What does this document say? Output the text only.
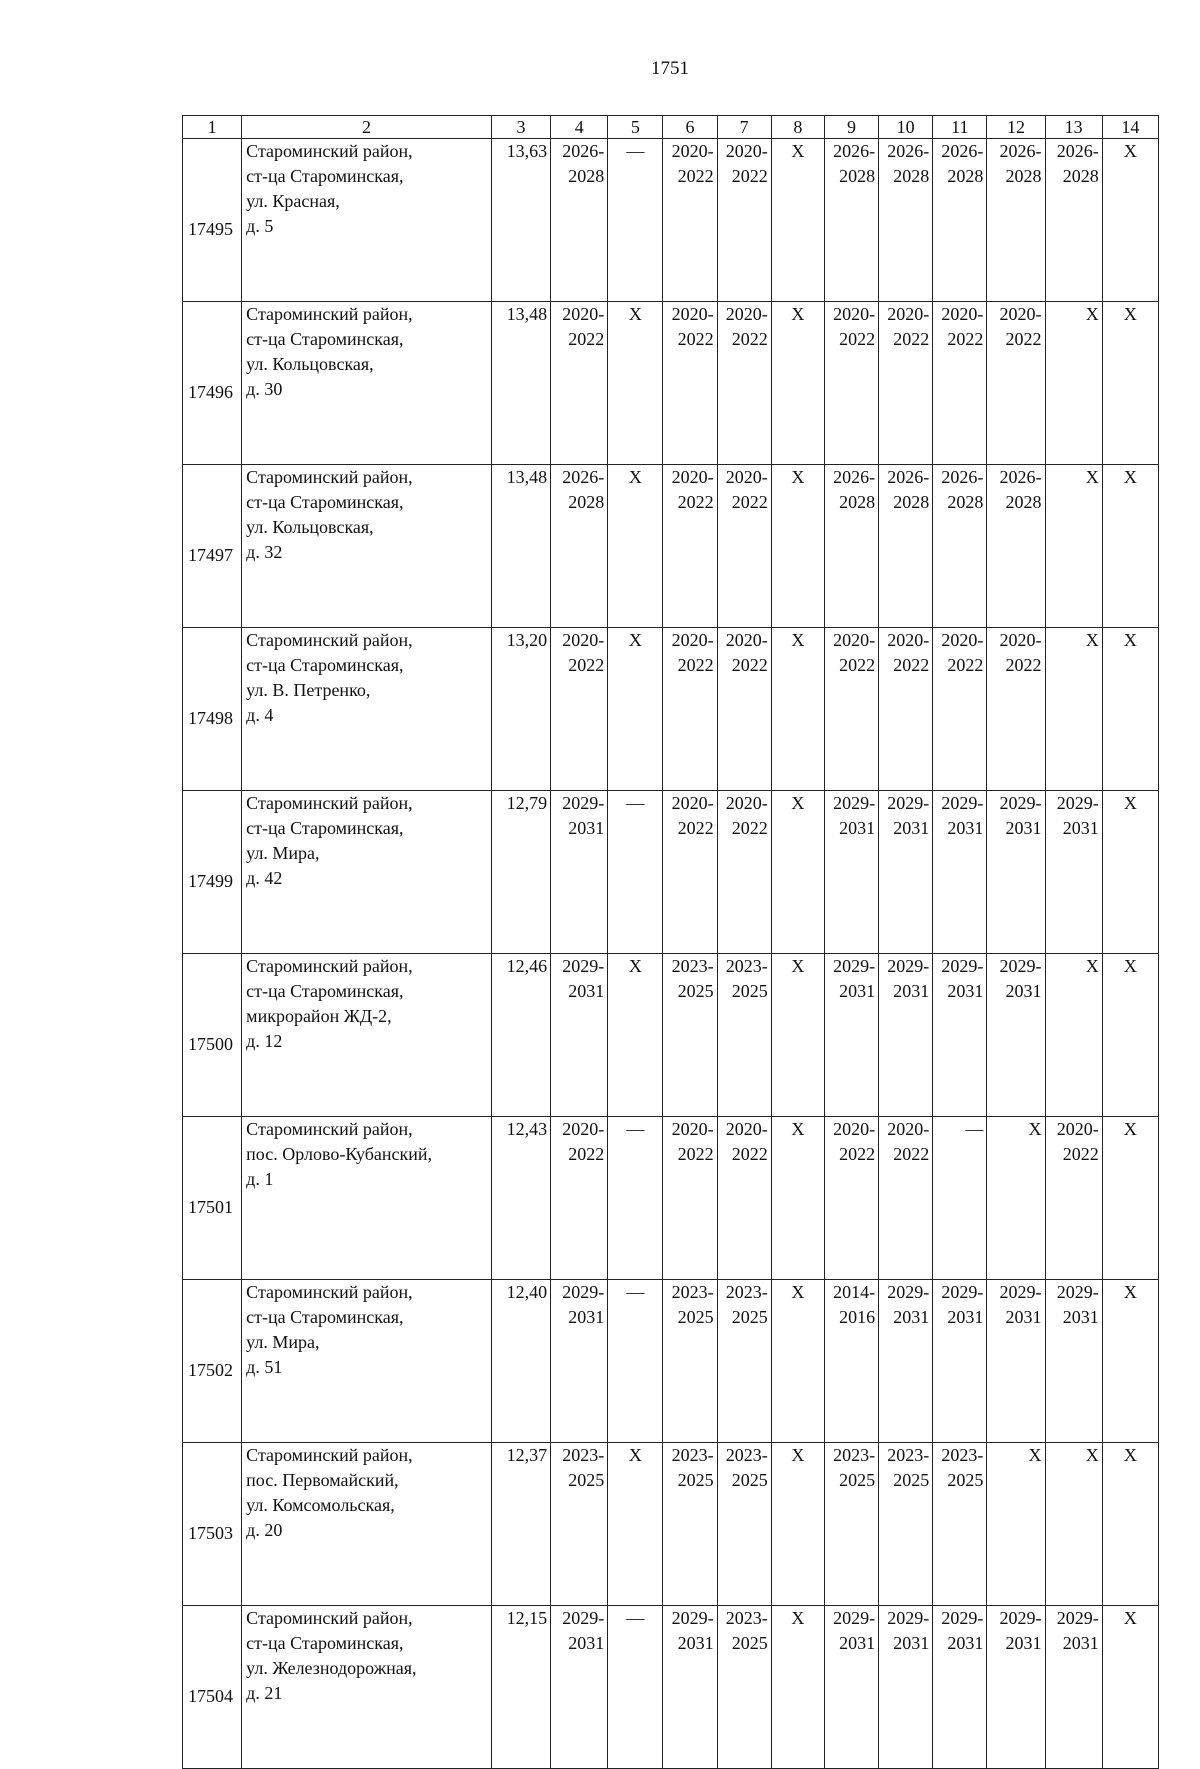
1751
1	2	3	4	5	6	7	8	9	10	11	12	13	14
17495	Староминский район,
ст-ца Староминская,
ул. Красная,
д. 5	13,63	2026-
2028	—	2020-
2022	2020-
2022	X	2026-
2028	2026-
2028	2026-
2028	2026-
2028	2026-
2028	X

17496	Староминский район,
ст-ца Староминская,
ул. Кольцовская,
д. 30	13,48	2020-
2022	X	2020-
2022	2020-
2022	X	2020-
2022	2020-
2022	2020-
2022	2020-
2022	X	X

17497	Староминский район,
ст-ца Староминская,
ул. Кольцовская,
д. 32	13,48	2026-
2028	X	2020-
2022	2020-
2022	X	2026-
2028	2026-
2028	2026-
2028	2026-
2028	X	X

17498	Староминский район,
ст-ца Староминская,
ул. В. Петренко,
д. 4	13,20	2020-
2022	X	2020-
2022	2020-
2022	X	2020-
2022	2020-
2022	2020-
2022	2020-
2022	X	X

17499	Староминский район,
ст-ца Староминская,
ул. Мира,
д. 42	12,79	2029-
2031	—	2020-
2022	2020-
2022	X	2029-
2031	2029-
2031	2029-
2031	2029-
2031	2029-
2031	X

17500	Староминский район,
ст-ца Староминская,
микрорайон ЖД-2,
д. 12	12,46	2029-
2031	X	2023-
2025	2023-
2025	X	2029-
2031	2029-
2031	2029-
2031	2029-
2031	X	X

17501	Староминский район,
пос. Орлово-Кубанский,
д. 1	12,43	2020-
2022	—	2020-
2022	2020-
2022	X	2020-
2022	2020-
2022	—	X	2020-
2022	X

17502	Староминский район,
ст-ца Староминская,
ул. Мира,
д. 51	12,40	2029-
2031	—	2023-
2025	2023-
2025	X	2014-
2016	2029-
2031	2029-
2031	2029-
2031	2029-
2031	X

17503	Староминский район,
пос. Первомайский,
ул. Комсомольская,
д. 20	12,37	2023-
2025	X	2023-
2025	2023-
2025	X	2023-
2025	2023-
2025	2023-
2025	X	X	X

17504	Староминский район,
ст-ца Староминская,
ул. Железнодорожная,
д. 21	12,15	2029-
2031	—	2029-
2031	2023-
2025	X	2029-
2031	2029-
2031	2029-
2031	2029-
2031	2029-
2031	X
